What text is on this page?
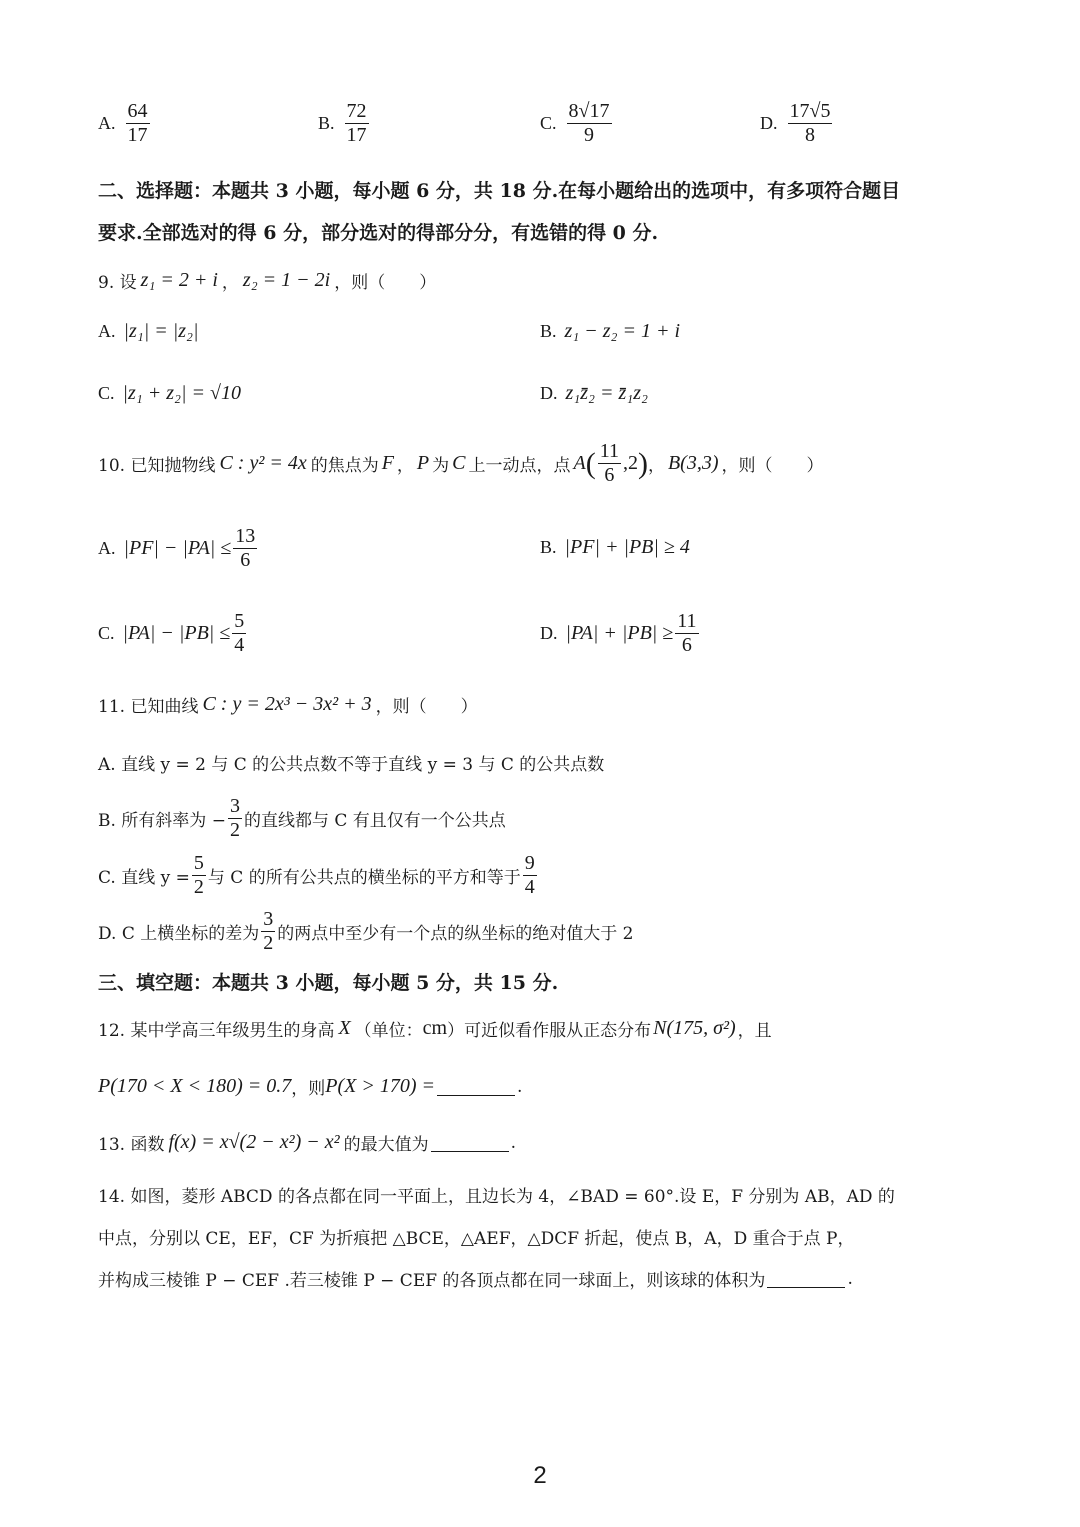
A. $\frac{64}{17}$	B. $\frac{72}{17}$	C. $\frac{8√17}{9}$	D. $\frac{17√5}{8}$
二、选择题：本题共 3 小题，每小题 6 分，共 18 分.在每小题给出的选项中，有多项符合题目
要求.全部选对的得 6 分，部分选对的得部分分，有选错的得 0 分.
9. 设 z₁ = 2 + i ， z₂ = 1 − 2i ，则（　　）
A. |z₁| = |z₂|	B. z₁ − z₂ = 1 + i
C. |z₁ + z₂| = √10	D. z₁z̄₂ = z̄₁z₂
10. 已知抛物线 C : y² = 4x 的焦点为 F ， P 为 C 上一动点，点 A ( $\frac{11}{6} ,2$ ) ， B(3,3) ，则（　　）
A. $|PF| - |PA| \le \frac{13}{6}$	B. |PF| + |PB| ≥ 4
C. $|PA| - |PB| \le \frac{5}{4}$	D. $|PA| + |PB| \ge \frac{11}{6}$
11. 已知曲线 C : y = 2x³ − 3x² + 3 ，则（　　）
A. 直线 y = 2 与 C 的公共点数不等于直线 y = 3 与 C 的公共点数
B. 所有斜率为 − $\frac{3}{2}$ 的直线都与 C 有且仅有一个公共点
C. 直线 $y = \frac{5}{2}$ 与 C 的所有公共点的横坐标的平方和等于 $\frac{9}{4}$
D. C 上横坐标的差为 $\frac{3}{2}$ 的两点中至少有一个点的纵坐标的绝对值大于 2
三、填空题：本题共 3 小题，每小题 5 分，共 15 分.
12. 某中学高三年级男生的身高 X （单位： cm ）可近似看作服从正态分布 N(175, σ²) ，且
P(170 < X < 180) = 0.7 ，则 P(X > 170) =	.
13. 函数 f(x) = x√(2 − x²) − x² 的最大值为	.
14. 如图，菱形 ABCD 的各点都在同一平面上，且边长为 4，∠BAD = 60°.设 E，F 分别为 AB，AD 的
中点，分别以 CE，EF，CF 为折痕把 △BCE，△AEF，△DCF 折起，使点 B，A，D 重合于点 P，
并构成三棱锥 P − CEF .若三棱锥 P − CEF 的各顶点都在同一球面上，则该球的体积为	.
2
